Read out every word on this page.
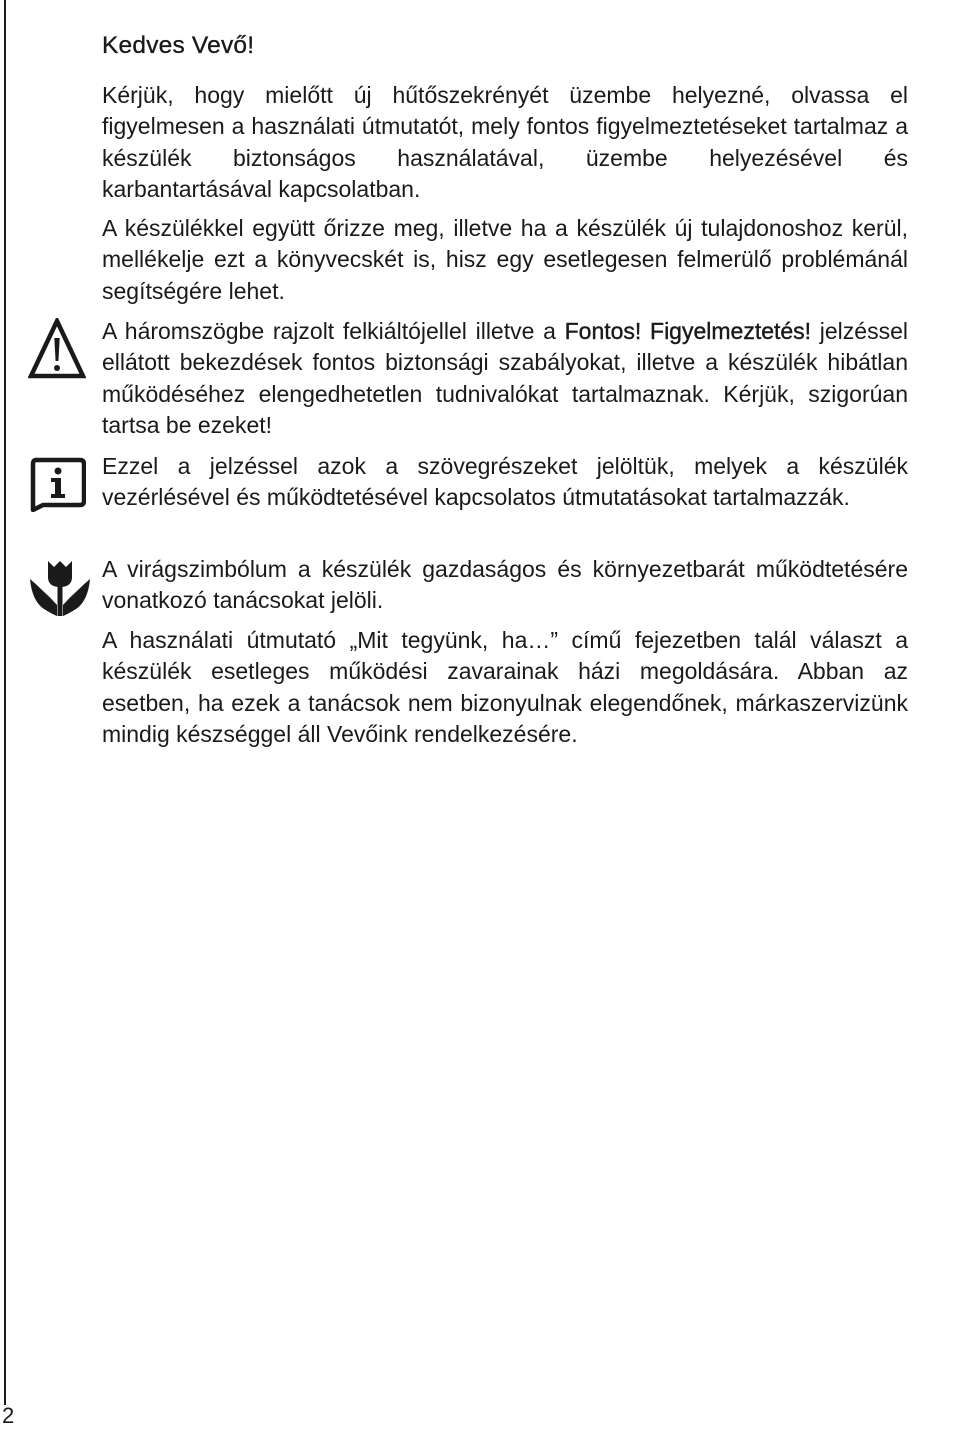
Kedves Vevő!

Kérjük, hogy mielőtt új hűtőszekrényét üzembe helyezné, olvassa el figyelmesen a használati útmutatót, mely fontos figyelmeztetéseket tartalmaz a készülék biztonságos használatával, üzembe helyezésével és karbantartásával kapcsolatban.

A készülékkel együtt őrizze meg, illetve ha a készülék új tulajdonoshoz kerül, mellékelje ezt a könyvecskét is, hisz egy esetlegesen felmerülő problémánál segítségére lehet.

A háromszögbe rajzolt felkiáltójellel illetve a Fontos! Figyelmeztetés! jelzéssel ellátott bekezdések fontos biztonsági szabályokat, illetve a készülék hibátlan működéséhez elengedhetetlen tudnivalókat tartalmaznak. Kérjük, szigorúan tartsa be ezeket!

Ezzel a jelzéssel azok a szövegrészeket jelöltük, melyek a készülék vezérlésével és működtetésével kapcsolatos útmutatásokat tartalmazzák.

A virágszimbólum a készülék gazdaságos és környezetbarát működtetésére vonatkozó tanácsokat jelöli.

A használati útmutató „Mit tegyünk, ha…” című fejezetben talál választ a készülék esetleges működési zavarainak házi megoldására. Abban az esetben, ha ezek a tanácsok nem bizonyulnak elegendőnek, márkaszervizünk mindig készséggel áll Vevőink rendelkezésére.

2
